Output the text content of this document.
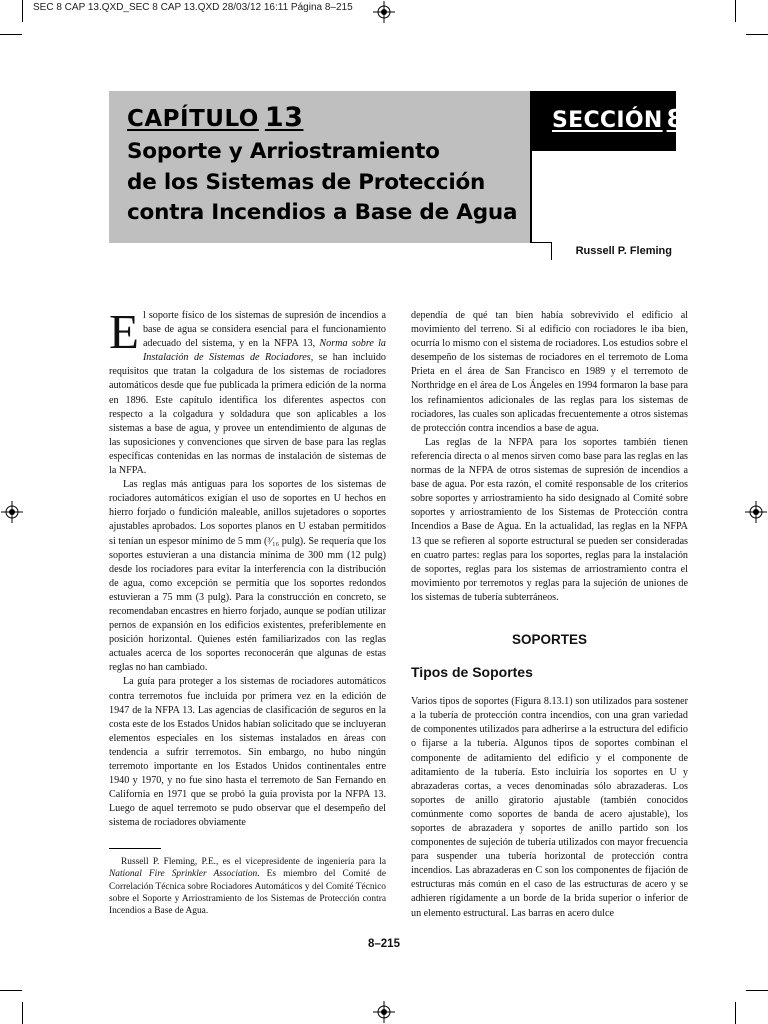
SEC 8 CAP 13.QXD_SEC 8 CAP 13.QXD 28/03/12 16:11 Página 8–215
CAPÍTULO 13
Soporte y Arriostramiento
de los Sistemas de Protección
contra Incendios a Base de Agua
SECCIÓN 8
Russell P. Fleming

El soporte físico de los sistemas de supresión de incendios a base de agua se considera esencial para el funcionamiento adecuado del sistema, y en la NFPA 13, Norma sobre la Instalación de Sistemas de Rociadores, se han incluido requisitos que tratan la colgadura de los sistemas de rociadores automáticos desde que fue publicada la primera edición de la norma en 1896. Este capítulo identifica los diferentes aspectos con respecto a la colgadura y soldadura que son aplicables a los sistemas a base de agua, y provee un entendimiento de algunas de las suposiciones y convenciones que sirven de base para las reglas específicas contenidas en las normas de instalación de sistemas de la NFPA.

Las reglas más antiguas para los soportes de los sistemas de rociadores automáticos exigían el uso de soportes en U hechos en hierro forjado o fundición maleable, anillos sujetadores o soportes ajustables aprobados. Los soportes planos en U estaban permitidos si tenían un espesor mínimo de 5 mm (³⁄₁₆ pulg). Se requería que los soportes estuvieran a una distancia mínima de 300 mm (12 pulg) desde los rociadores para evitar la interferencia con la distribución de agua, como excepción se permitía que los soportes redondos estuvieran a 75 mm (3 pulg). Para la construcción en concreto, se recomendaban encastres en hierro forjado, aunque se podían utilizar pernos de expansión en los edificios existentes, preferiblemente en posición horizontal. Quienes estén familiarizados con las reglas actuales acerca de los soportes reconocerán que algunas de estas reglas no han cambiado.

La guía para proteger a los sistemas de rociadores automáticos contra terremotos fue incluida por primera vez en la edición de 1947 de la NFPA 13. Las agencias de clasificación de seguros en la costa este de los Estados Unidos habían solicitado que se incluyeran elementos especiales en los sistemas instalados en áreas con tendencia a sufrir terremotos. Sin embargo, no hubo ningún terremoto importante en los Estados Unidos continentales entre 1940 y 1970, y no fue sino hasta el terremoto de San Fernando en California en 1971 que se probó la guía provista por la NFPA 13. Luego de aquel terremoto se pudo observar que el desempeño del sistema de rociadores obviamente

Russell P. Fleming, P.E., es el vicepresidente de ingeniería para la National Fire Sprinkler Association. Es miembro del Comité de Correlación Técnica sobre Rociadores Automáticos y del Comité Técnico sobre el Soporte y Arriostramiento de los Sistemas de Protección contra Incendios a Base de Agua.

dependía de qué tan bien había sobrevivido el edificio al movimiento del terreno. Si al edificio con rociadores le iba bien, ocurría lo mismo con el sistema de rociadores. Los estudios sobre el desempeño de los sistemas de rociadores en el terremoto de Loma Prieta en el área de San Francisco en 1989 y el terremoto de Northridge en el área de Los Ángeles en 1994 formaron la base para los refinamientos adicionales de las reglas para los sistemas de rociadores, las cuales son aplicadas frecuentemente a otros sistemas de protección contra incendios a base de agua.

Las reglas de la NFPA para los soportes también tienen referencia directa o al menos sirven como base para las reglas en las normas de la NFPA de otros sistemas de supresión de incendios a base de agua. Por esta razón, el comité responsable de los criterios sobre soportes y arriostramiento ha sido designado al Comité sobre soportes y arriostramiento de los Sistemas de Protección contra Incendios a Base de Agua. En la actualidad, las reglas en la NFPA 13 que se refieren al soporte estructural se pueden ser consideradas en cuatro partes: reglas para los soportes, reglas para la instalación de soportes, reglas para los sistemas de arriostramiento contra el movimiento por terremotos y reglas para la sujeción de uniones de los sistemas de tubería subterráneos.

SOPORTES
Tipos de Soportes

Varios tipos de soportes (Figura 8.13.1) son utilizados para sostener a la tubería de protección contra incendios, con una gran variedad de componentes utilizados para adherirse a la estructura del edificio o fijarse a la tubería. Algunos tipos de soportes combinan el componente de aditamiento del edificio y el componente de aditamiento de la tubería. Esto incluiría los soportes en U y abrazaderas cortas, a veces denominadas sólo abrazaderas. Los soportes de anillo giratorio ajustable (también conocidos comúnmente como soportes de banda de acero ajustable), los soportes de abrazadera y soportes de anillo partido son los componentes de sujeción de tubería utilizados con mayor frecuencia para suspender una tubería horizontal de protección contra incendios. Las abrazaderas en C son los componentes de fijación de estructuras más común en el caso de las estructuras de acero y se adhieren rígidamente a un borde de la brida superior o inferior de un elemento estructural. Las barras en acero dulce

8–215
